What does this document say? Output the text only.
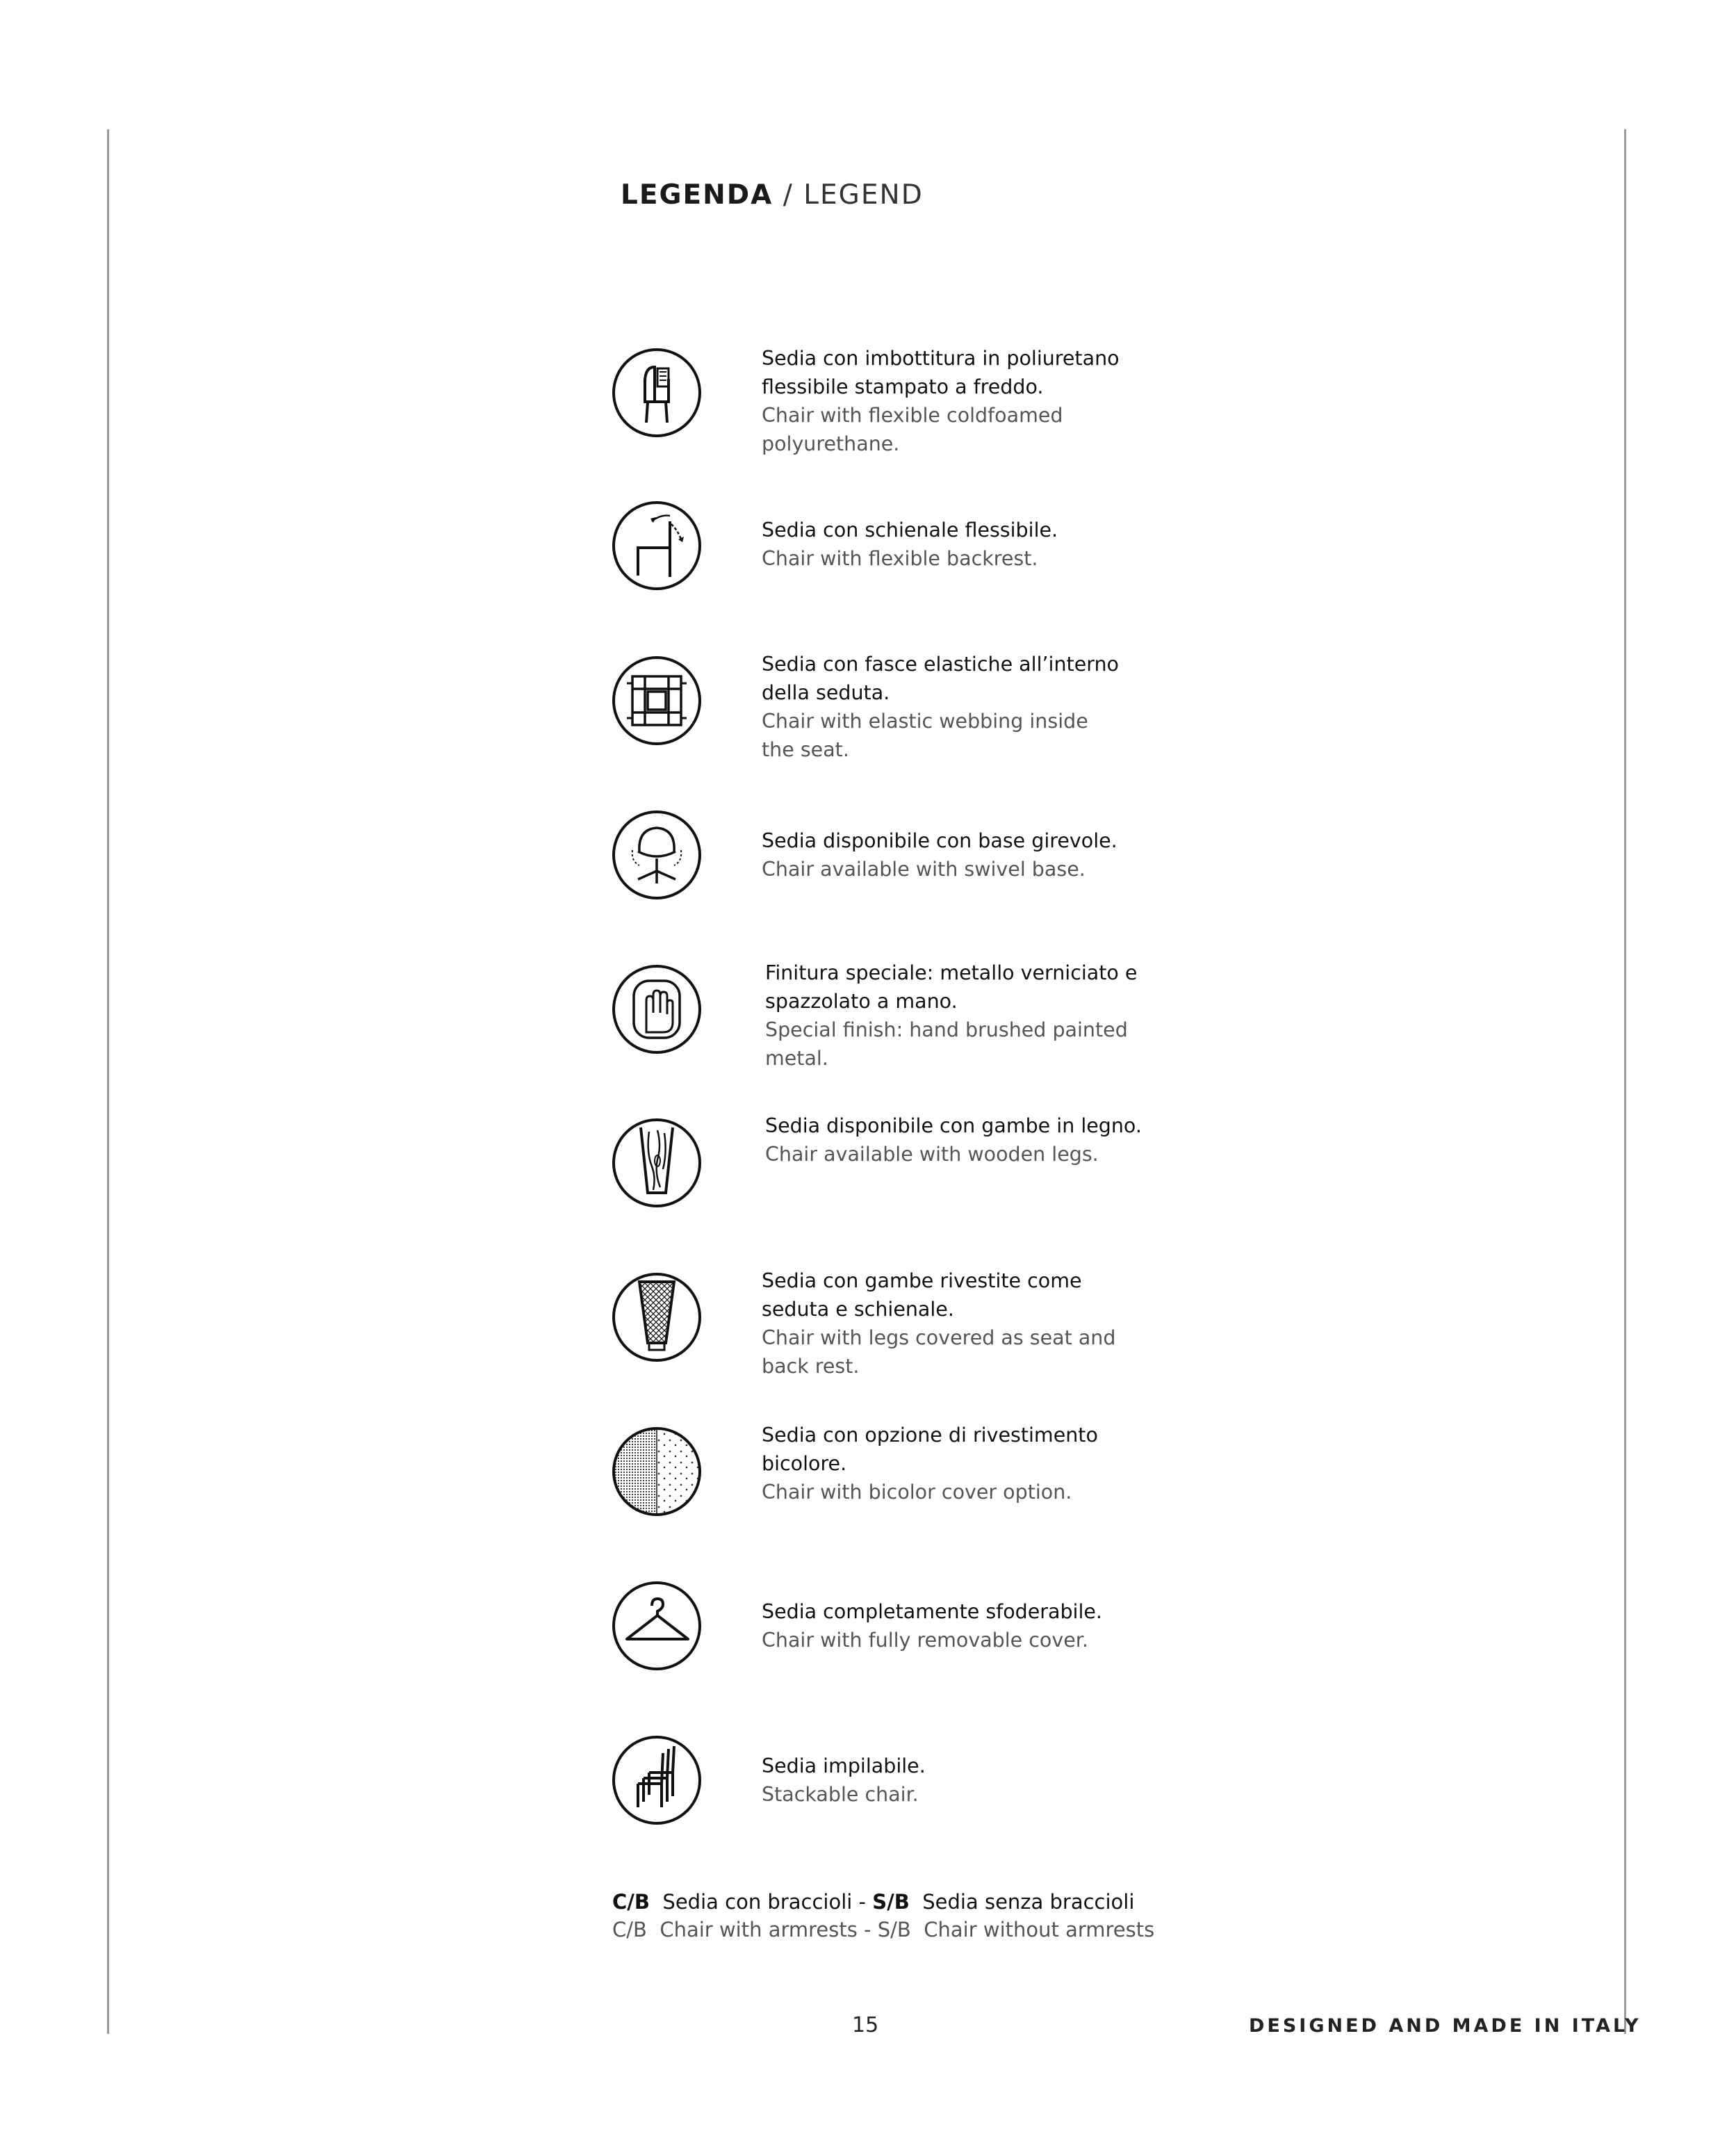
LEGENDA / LEGEND
Sedia con imbottitura in poliuretano
flessibile stampato a freddo.
Chair with flexible coldfoamed
polyurethane.
Sedia con schienale flessibile.
Chair with flexible backrest.
Sedia con fasce elastiche all’interno
della seduta.
Chair with elastic webbing inside
the seat.
Sedia disponibile con base girevole.
Chair available with swivel base.
Finitura speciale: metallo verniciato e
spazzolato a mano.
Special finish: hand brushed painted
metal.
Sedia disponibile con gambe in legno.
Chair available with wooden legs.
Sedia con gambe rivestite come
seduta e schienale.
Chair with legs covered as seat and
back rest.
Sedia con opzione di rivestimento
bicolore.
Chair with bicolor cover option.
Sedia completamente sfoderabile.
Chair with fully removable cover.
Sedia impilabile.
Stackable chair.
C/B Sedia con braccioli - S/B Sedia senza braccioli
C/B  Chair with armrests - S/B  Chair without armrests
15	DESIGNED AND MADE IN ITALY
